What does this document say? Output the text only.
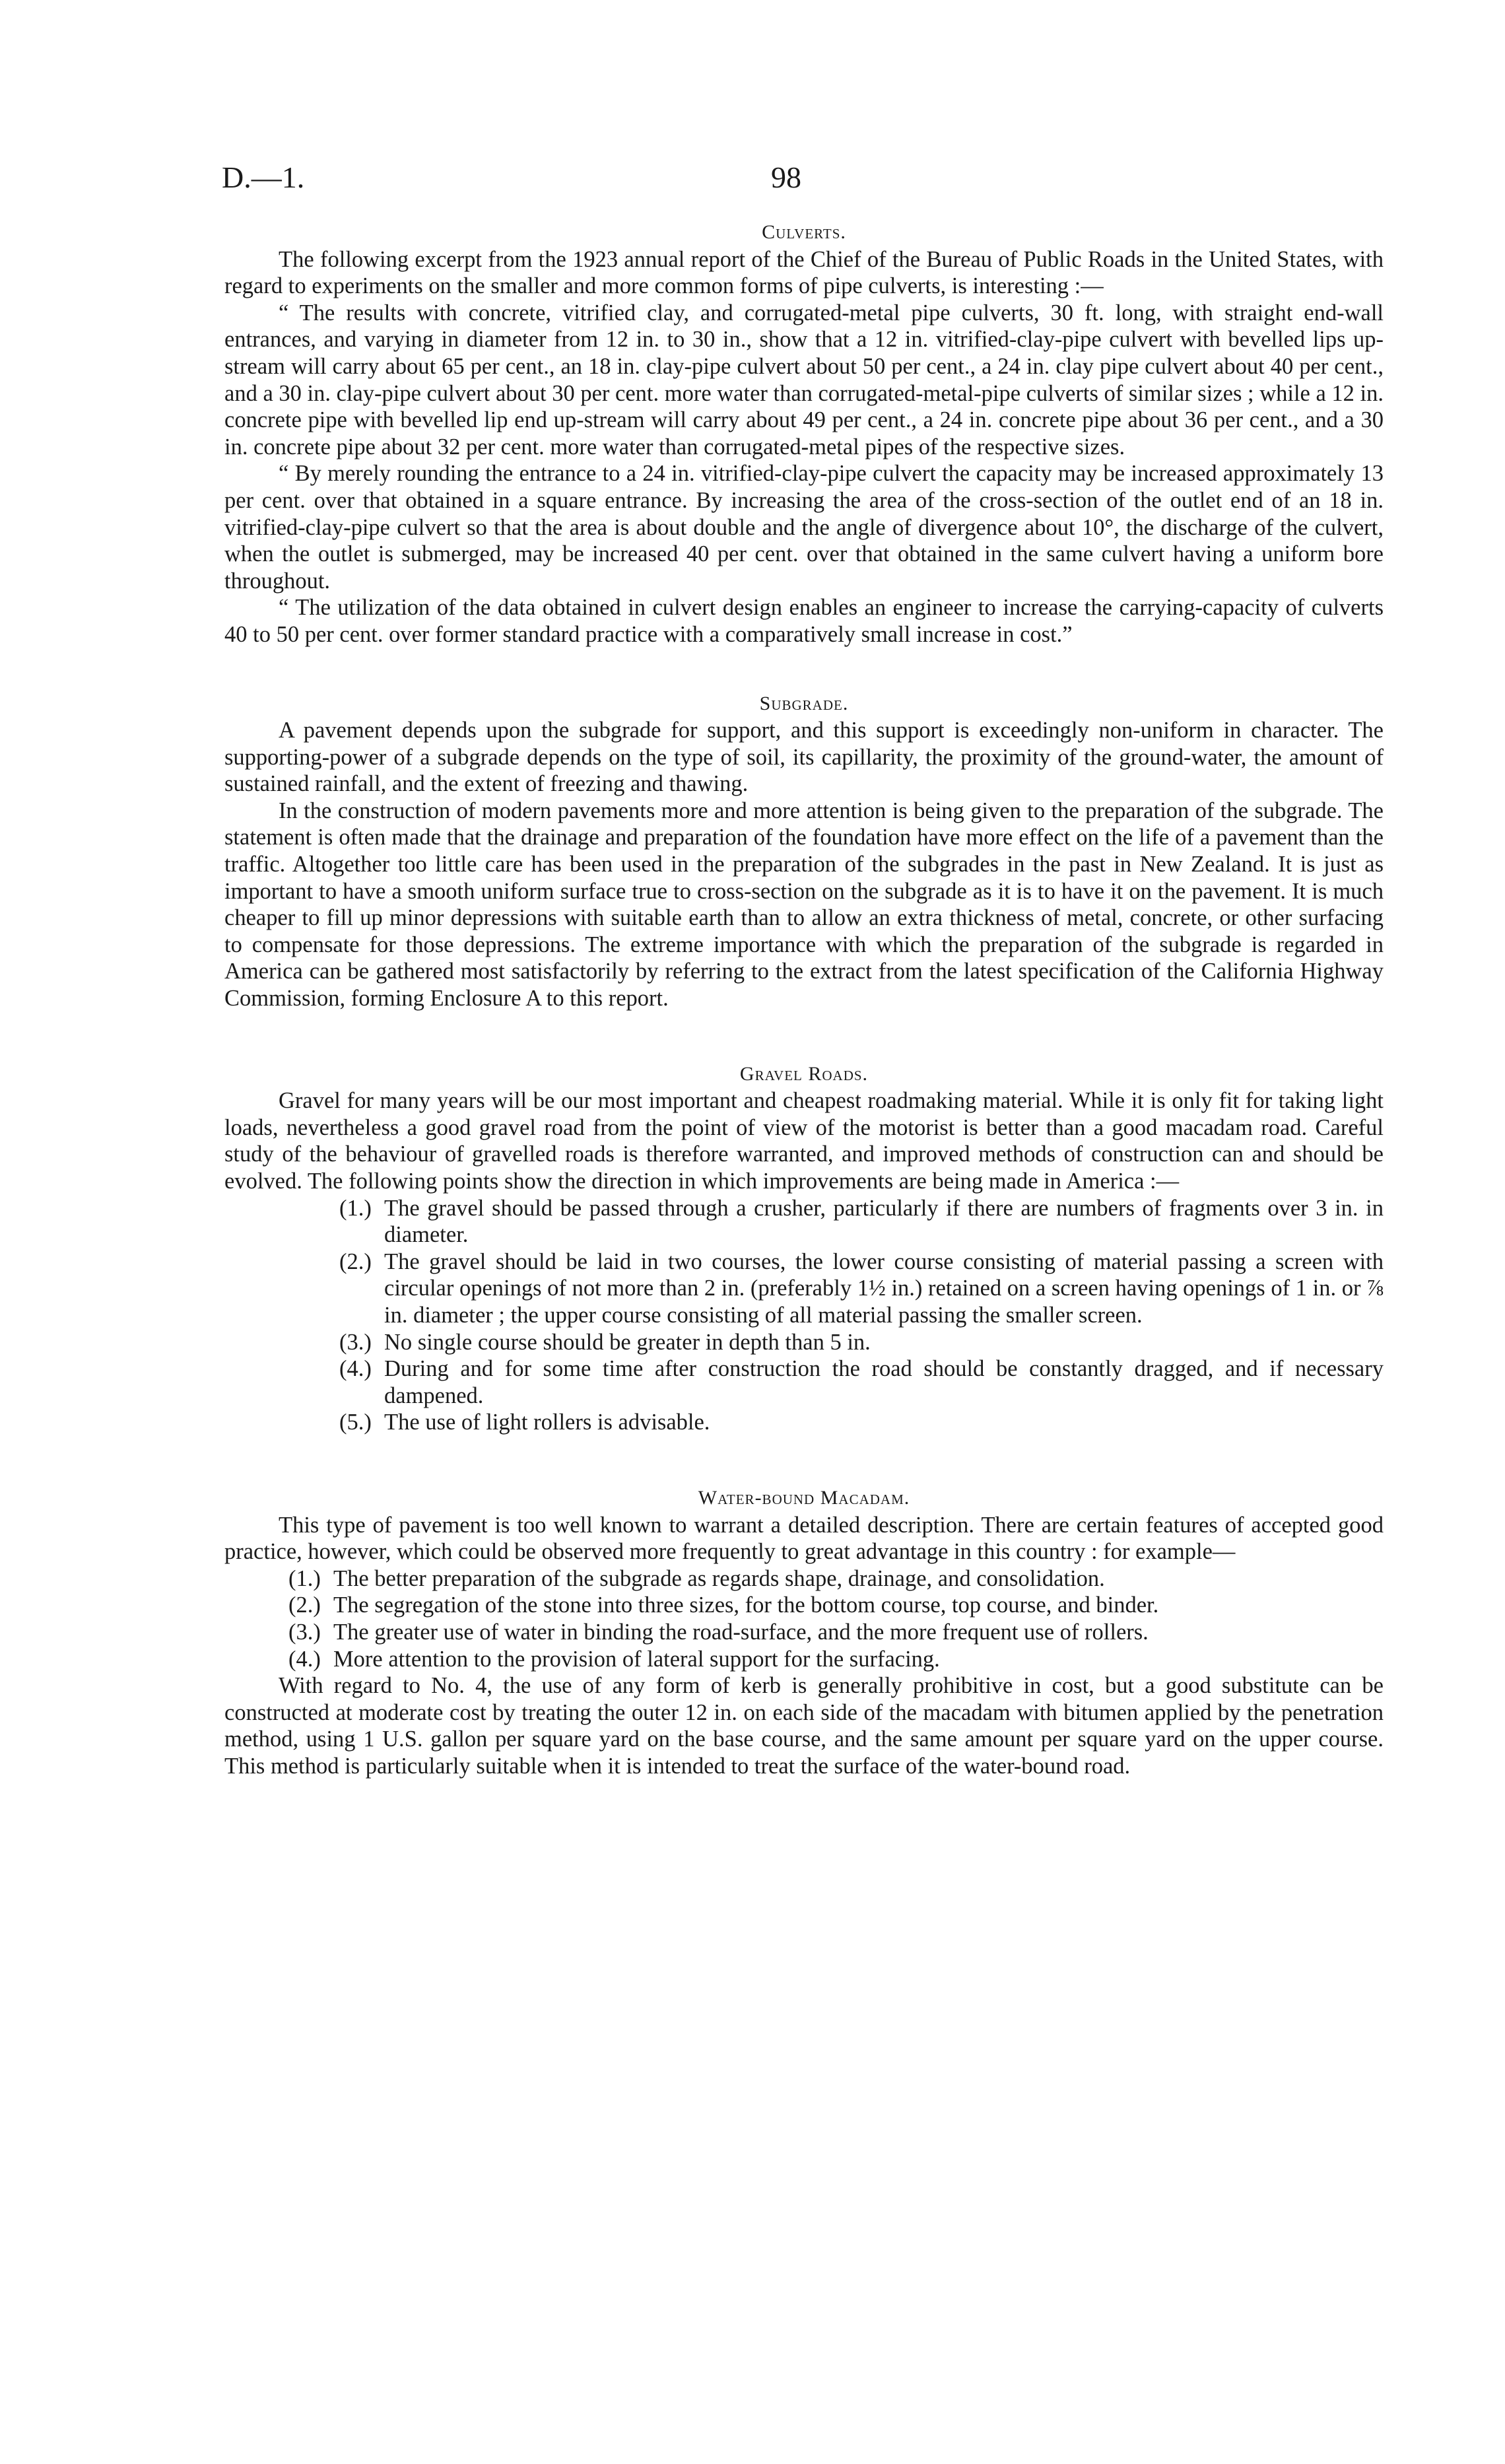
D.—1.	98
Culverts.

The following excerpt from the 1923 annual report of the Chief of the Bureau of Public Roads in the United States, with regard to experiments on the smaller and more common forms of pipe culverts, is interesting :—

“ The results with concrete, vitrified clay, and corrugated-metal pipe culverts, 30 ft. long, with straight end-wall entrances, and varying in diameter from 12 in. to 30 in., show that a 12 in. vitrified-clay-pipe culvert with bevelled lips up-stream will carry about 65 per cent., an 18 in. clay-pipe culvert about 50 per cent., a 24 in. clay pipe culvert about 40 per cent., and a 30 in. clay-pipe culvert about 30 per cent. more water than corrugated-metal-pipe culverts of similar sizes ; while a 12 in. concrete pipe with bevelled lip end up-stream will carry about 49 per cent., a 24 in. concrete pipe about 36 per cent., and a 30 in. concrete pipe about 32 per cent. more water than corrugated-metal pipes of the respective sizes.

“ By merely rounding the entrance to a 24 in. vitrified-clay-pipe culvert the capacity may be increased approximately 13 per cent. over that obtained in a square entrance. By increasing the area of the cross-section of the outlet end of an 18 in. vitrified-clay-pipe culvert so that the area is about double and the angle of divergence about 10°, the discharge of the culvert, when the outlet is submerged, may be increased 40 per cent. over that obtained in the same culvert having a uniform bore throughout.

“ The utilization of the data obtained in culvert design enables an engineer to increase the carrying-capacity of culverts 40 to 50 per cent. over former standard practice with a comparatively small increase in cost.”

Subgrade.

A pavement depends upon the subgrade for support, and this support is exceedingly non-uniform in character. The supporting-power of a subgrade depends on the type of soil, its capillarity, the proximity of the ground-water, the amount of sustained rainfall, and the extent of freezing and thawing.

In the construction of modern pavements more and more attention is being given to the preparation of the subgrade. The statement is often made that the drainage and preparation of the foundation have more effect on the life of a pavement than the traffic. Altogether too little care has been used in the preparation of the subgrades in the past in New Zealand. It is just as important to have a smooth uniform surface true to cross-section on the subgrade as it is to have it on the pavement. It is much cheaper to fill up minor depressions with suitable earth than to allow an extra thickness of metal, concrete, or other surfacing to compensate for those depressions. The extreme importance with which the preparation of the subgrade is regarded in America can be gathered most satisfactorily by referring to the extract from the latest specification of the California Highway Commission, forming Enclosure A to this report.

Gravel Roads.

Gravel for many years will be our most important and cheapest roadmaking material. While it is only fit for taking light loads, nevertheless a good gravel road from the point of view of the motorist is better than a good macadam road. Careful study of the behaviour of gravelled roads is therefore warranted, and improved methods of construction can and should be evolved. The following points show the direction in which improvements are being made in America :—

(1.) The gravel should be passed through a crusher, particularly if there are numbers of fragments over 3 in. in diameter.
(2.) The gravel should be laid in two courses, the lower course consisting of material passing a screen with circular openings of not more than 2 in. (preferably 1½ in.) retained on a screen having openings of 1 in. or ⅞ in. diameter ; the upper course consisting of all material passing the smaller screen.
(3.) No single course should be greater in depth than 5 in.
(4.) During and for some time after construction the road should be constantly dragged, and if necessary dampened.
(5.) The use of light rollers is advisable.
Water-bound Macadam.

This type of pavement is too well known to warrant a detailed description. There are certain features of accepted good practice, however, which could be observed more frequently to great advantage in this country : for example—

(1.) The better preparation of the subgrade as regards shape, drainage, and consolidation.
(2.) The segregation of the stone into three sizes, for the bottom course, top course, and binder.
(3.) The greater use of water in binding the road-surface, and the more frequent use of rollers.
(4.) More attention to the provision of lateral support for the surfacing.

With regard to No. 4, the use of any form of kerb is generally prohibitive in cost, but a good substitute can be constructed at moderate cost by treating the outer 12 in. on each side of the macadam with bitumen applied by the penetration method, using 1 U.S. gallon per square yard on the base course, and the same amount per square yard on the upper course. This method is particularly suitable when it is intended to treat the surface of the water-bound road.
